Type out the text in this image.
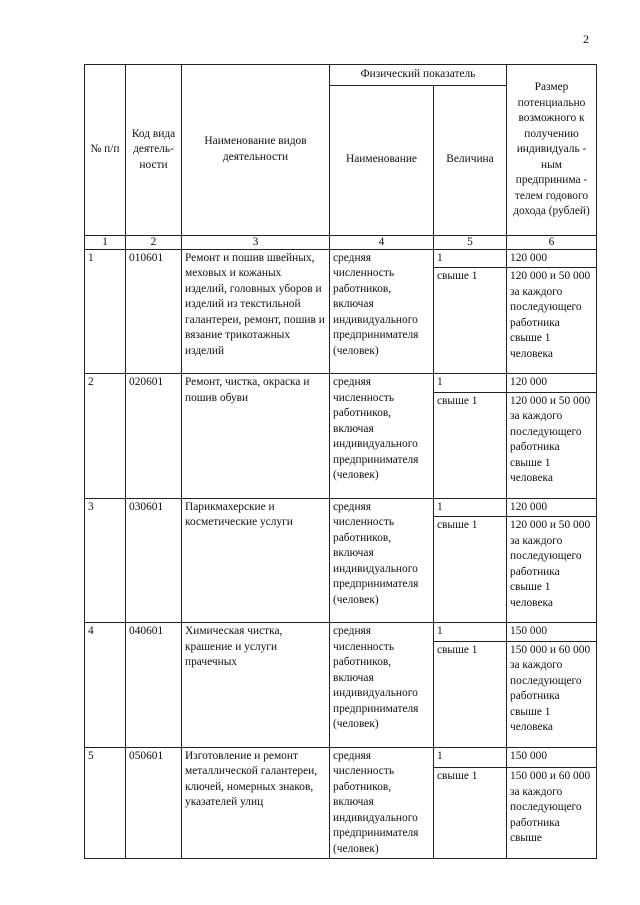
2
№ п/п	Код вида деятель-ности	Наименование видов деятельности	Физический показатель		Размер потенциально возможного к получению индивидуаль - ным предпринима - телем годового дохода (рублей)
			Наименование	Величина	
1	2	3	4	5	6
1	010601	Ремонт и пошив швейных, меховых и кожаных изделий, головных уборов и изделий из текстильной галантереи, ремонт, пошив и вязание трикотажных изделий	средняя численность работников, включая индивидуального предпринимателя (человек)	1	120 000
				свыше 1	120 000 и 50 000 за каждого последующего работника свыше 1 человека
2	020601	Ремонт, чистка, окраска и пошив обуви	средняя численность работников, включая индивидуального предпринимателя (человек)	1	120 000
				свыше 1	120 000 и 50 000 за каждого последующего работника свыше 1 человека
3	030601	Парикмахерские и косметические услуги	средняя численность работников, включая индивидуального предпринимателя (человек)	1	120 000
				свыше 1	120 000 и 50 000 за каждого последующего работника свыше 1 человека
4	040601	Химическая чистка, крашение и услуги прачечных	средняя численность работников, включая индивидуального предпринимателя (человек)	1	150 000
				свыше 1	150 000 и 60 000 за каждого последующего работника свыше 1 человека
5	050601	Изготовление и ремонт металлической галантереи, ключей, номерных знаков, указателей улиц	средняя численность работников, включая индивидуального предпринимателя (человек)	1	150 000
				свыше 1	150 000 и 60 000 за каждого последующего работника свыше
